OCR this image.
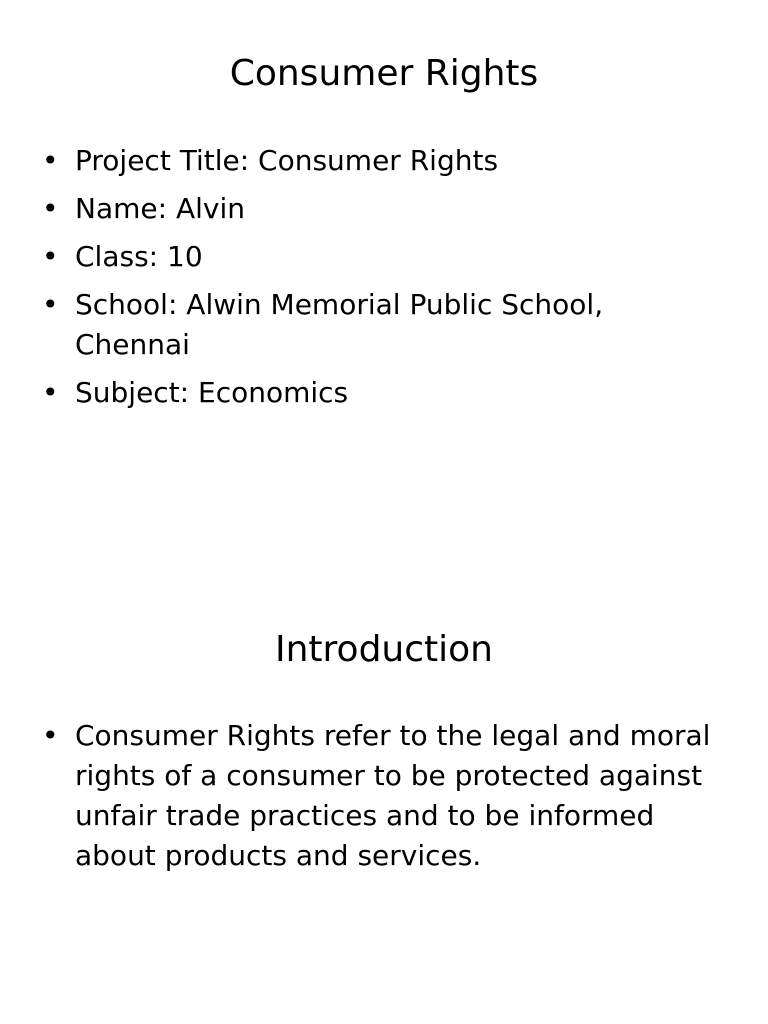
Consumer Rights
• Project Title: Consumer Rights
• Name: Alvin
• Class: 10
• School: Alwin Memorial Public School, Chennai
• Subject: Economics
Introduction
• Consumer Rights refer to the legal and moral rights of a consumer to be protected against unfair trade practices and to be informed about products and services.
